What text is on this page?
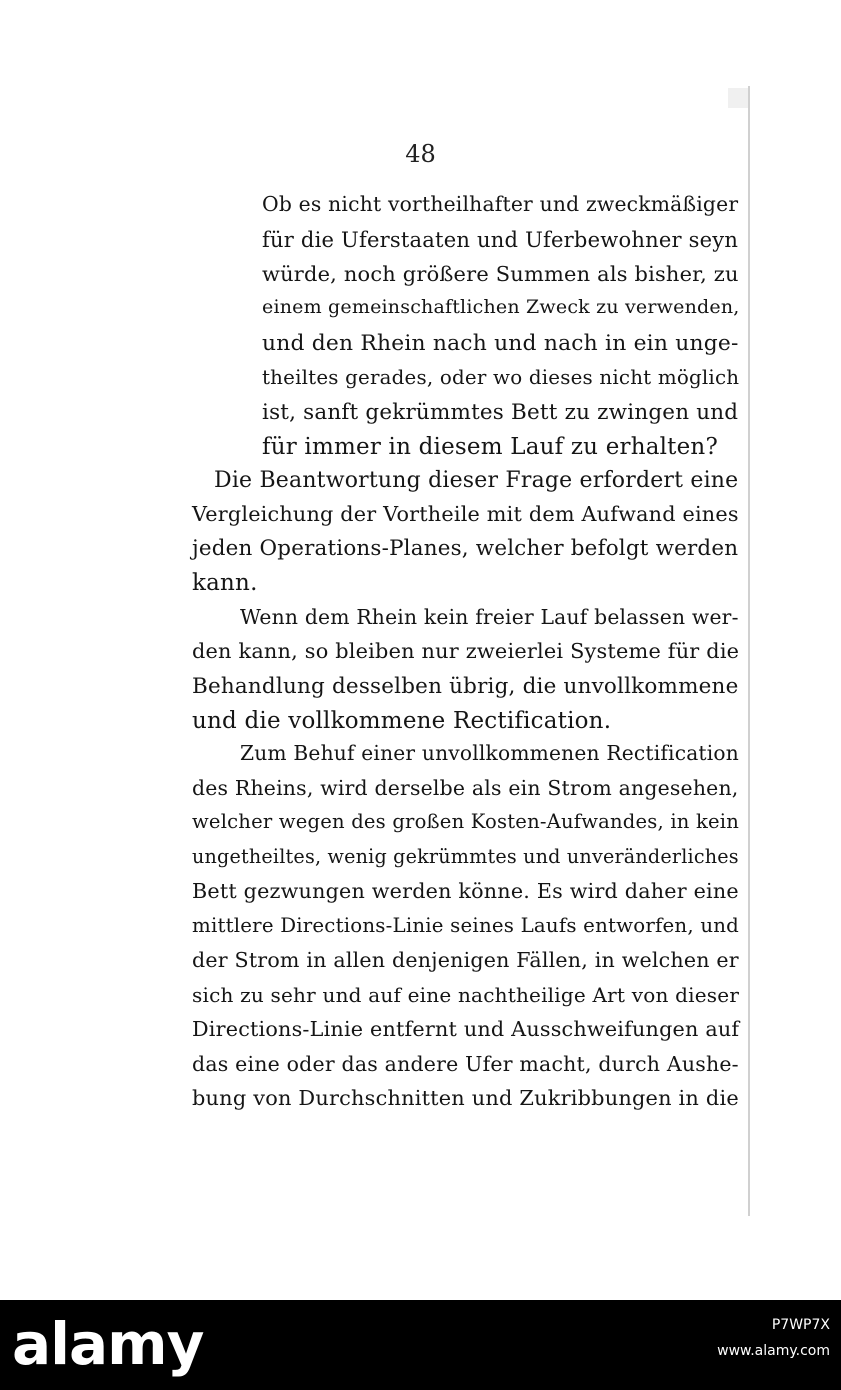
48
Ob es nicht vortheilhafter und zweckmäßiger
für die Uferstaaten und Uferbewohner seyn
würde, noch größere Summen als bisher, zu
einem gemeinschaftlichen Zweck zu verwenden,
und den Rhein nach und nach in ein unge-
theiltes gerades, oder wo dieses nicht möglich
ist, sanft gekrümmtes Bett zu zwingen und
für immer in diesem Lauf zu erhalten?
Die Beantwortung dieser Frage erfordert eine
Vergleichung der Vortheile mit dem Aufwand eines
jeden Operations-Planes, welcher befolgt werden
kann.
Wenn dem Rhein kein freier Lauf belassen wer-
den kann, so bleiben nur zweierlei Systeme für die
Behandlung desselben übrig, die unvollkommene
und die vollkommene Rectification.
Zum Behuf einer unvollkommenen Rectification
des Rheins, wird derselbe als ein Strom angesehen,
welcher wegen des großen Kosten-Aufwandes, in kein
ungetheiltes, wenig gekrümmtes und unveränderliches
Bett gezwungen werden könne. Es wird daher eine
mittlere Directions-Linie seines Laufs entworfen, und
der Strom in allen denjenigen Fällen, in welchen er
sich zu sehr und auf eine nachtheilige Art von dieser
Directions-Linie entfernt und Ausschweifungen auf
das eine oder das andere Ufer macht, durch Aushe-
bung von Durchschnitten und Zukribbungen in die
alamy	P7WP7X
www.alamy.com
